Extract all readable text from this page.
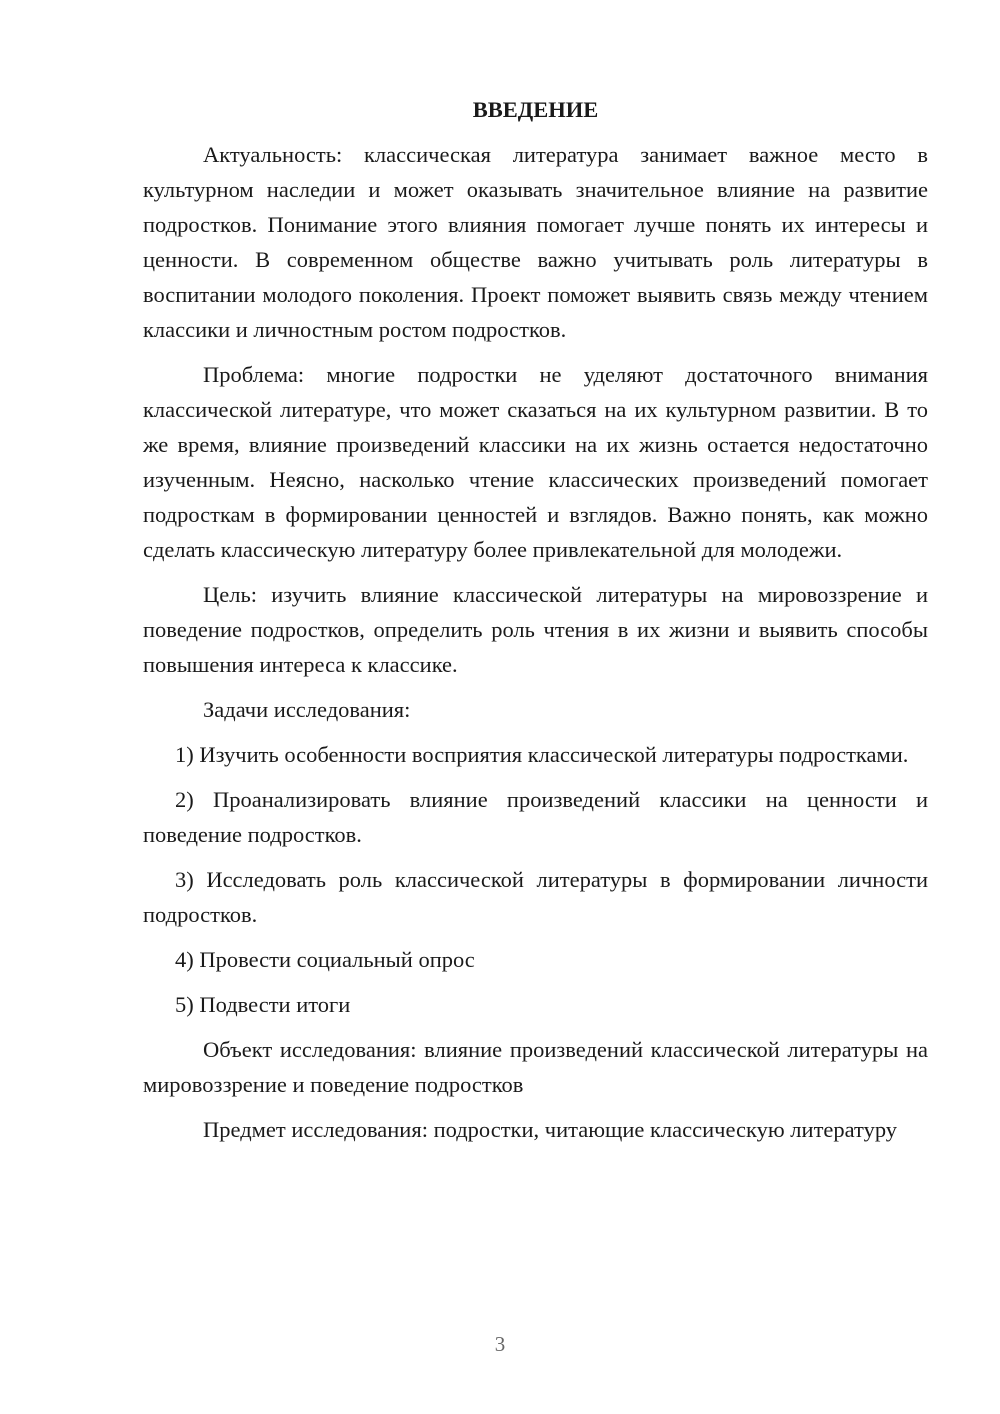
ВВЕДЕНИЕ

Актуальность: классическая литература занимает важное место в культурном наследии и может оказывать значительное влияние на развитие подростков. Понимание этого влияния помогает лучше понять их интересы и ценности. В современном обществе важно учитывать роль литературы в воспитании молодого поколения. Проект поможет выявить связь между чтением классики и личностным ростом подростков.

Проблема: многие подростки не уделяют достаточного внимания классической литературе, что может сказаться на их культурном развитии. В то же время, влияние произведений классики на их жизнь остается недостаточно изученным. Неясно, насколько чтение классических произведений помогает подросткам в формировании ценностей и взглядов. Важно понять, как можно сделать классическую литературу более привлекательной для молодежи.

Цель: изучить влияние классической литературы на мировоззрение и поведение подростков, определить роль чтения в их жизни и выявить способы повышения интереса к классике.

Задачи исследования:

1) Изучить особенности восприятия классической литературы подростками.

2) Проанализировать влияние произведений классики на ценности и поведение подростков.

3) Исследовать роль классической литературы в формировании личности подростков.

4) Провести социальный опрос

5) Подвести итоги

Объект исследования: влияние произведений классической литературы на мировоззрение и поведение подростков

Предмет исследования: подростки, читающие классическую литературу

3
